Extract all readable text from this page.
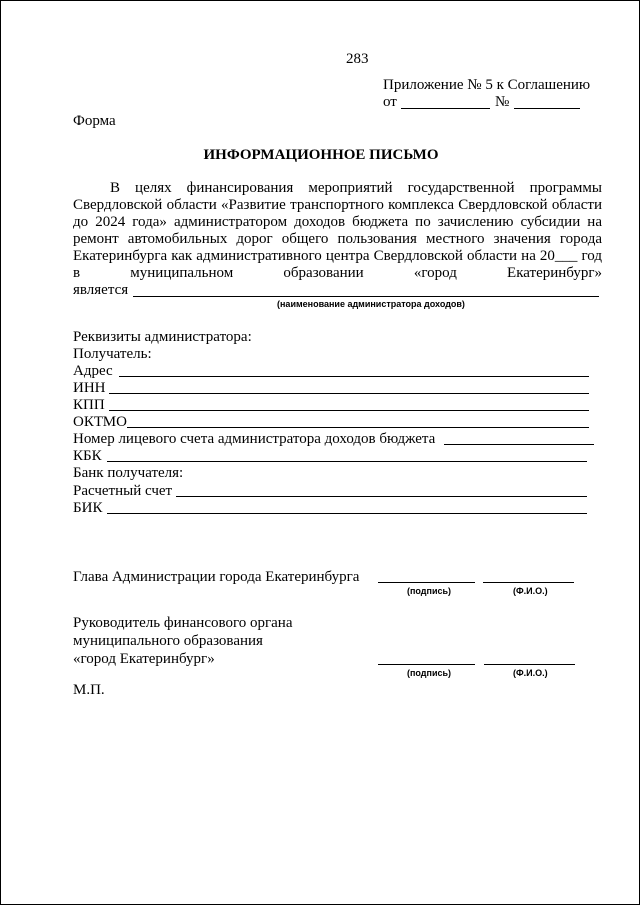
283
Приложение № 5 к Соглашению
от	№
Форма
ИНФОРМАЦИОННОЕ ПИСЬМО

В целях финансирования мероприятий государственной программы Свердловской области «Развитие транспортного комплекса Свердловской области до 2024 года» администратором доходов бюджета по зачислению субсидии на ремонт автомобильных дорог общего пользования местного значения города Екатеринбурга как административного центра Свердловской области на 20___ год в муниципальном образовании «город Екатеринбург»

является
(наименование администратора доходов)
Реквизиты администратора:
Получатель:
Адрес
ИНН
КПП
ОКТМО
Номер лицевого счета администратора доходов бюджета
КБК
Банк получателя:
Расчетный счет
БИК
Глава Администрации города Екатеринбурга
(подпись)	(Ф.И.О.)
Руководитель финансового органа
муниципального образования
«город Екатеринбург»
(подпись)	(Ф.И.О.)
М.П.
